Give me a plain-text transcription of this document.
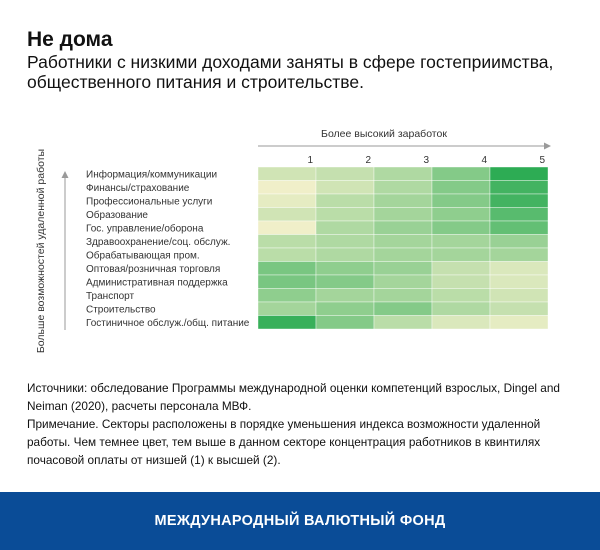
Не дома
Работники с низкими доходами заняты в сфере гостеприимства, общественного питания и строительстве.
Более высокий заработок
1	2	3	4	5
Больше возможностей удаленной работы	Информация/коммуникации
Финансы/страхование
Профессиональные услуги
Образование
Гос. управление/оборона
Здравоохранение/соц. обслуж.
Обрабатывающая пром.
Оптовая/розничная торговля
Административная поддержка
Транспорт
Строительство
Гостиничное обслуж./общ. питание

Источники: обследование Программы международной оценки компетенций взрослых, Dingel and Neiman (2020), расчеты персонала МВФ.

Примечание. Секторы расположены в порядке уменьшения индекса возможности удаленной работы. Чем темнее цвет, тем выше в данном секторе концентрация работников в квинтилях почасовой оплаты от низшей (1) к высшей (2).

МЕЖДУНАРОДНЫЙ ВАЛЮТНЫЙ ФОНД
